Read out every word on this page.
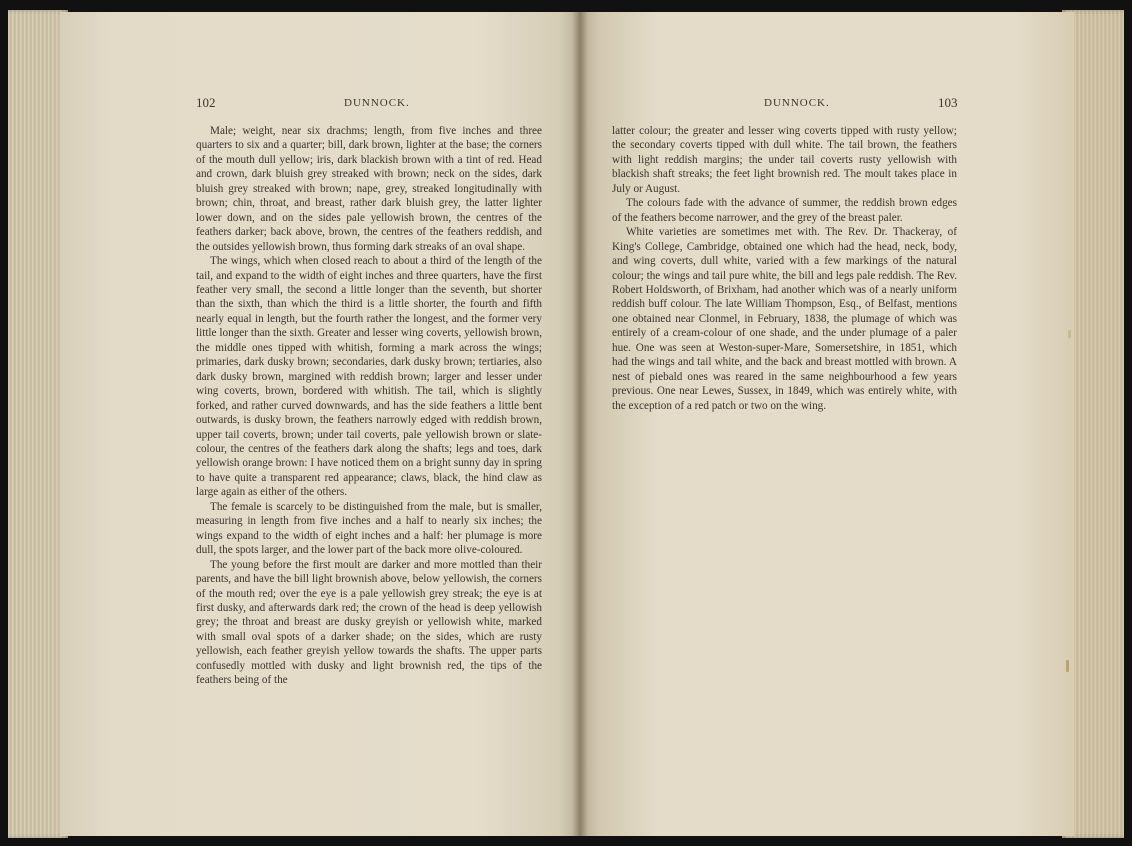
102	DUNNOCK.

Male; weight, near six drachms; length, from five inches and three quarters to six and a quarter; bill, dark brown, lighter at the base; the corners of the mouth dull yellow; iris, dark blackish brown with a tint of red. Head and crown, dark bluish grey streaked with brown; neck on the sides, dark bluish grey streaked with brown; nape, grey, streaked longitudinally with brown; chin, throat, and breast, rather dark bluish grey, the latter lighter lower down, and on the sides pale yellowish brown, the centres of the feathers darker; back above, brown, the centres of the feathers reddish, and the outsides yellowish brown, thus forming dark streaks of an oval shape.

The wings, which when closed reach to about a third of the length of the tail, and expand to the width of eight inches and three quarters, have the first feather very small, the second a little longer than the seventh, but shorter than the sixth, than which the third is a little shorter, the fourth and fifth nearly equal in length, but the fourth rather the longest, and the former very little longer than the sixth. Greater and lesser wing coverts, yellowish brown, the middle ones tipped with whitish, forming a mark across the wings; primaries, dark dusky brown; secondaries, dark dusky brown; tertiaries, also dark dusky brown, margined with reddish brown; larger and lesser under wing coverts, brown, bordered with whitish. The tail, which is slightly forked, and rather curved downwards, and has the side feathers a little bent outwards, is dusky brown, the feathers narrowly edged with reddish brown, upper tail coverts, brown; under tail coverts, pale yellowish brown or slate-colour, the centres of the feathers dark along the shafts; legs and toes, dark yellowish orange brown: I have noticed them on a bright sunny day in spring to have quite a transparent red appearance; claws, black, the hind claw as large again as either of the others.

The female is scarcely to be distinguished from the male, but is smaller, measuring in length from five inches and a half to nearly six inches; the wings expand to the width of eight inches and a half: her plumage is more dull, the spots larger, and the lower part of the back more olive-coloured.

The young before the first moult are darker and more mottled than their parents, and have the bill light brownish above, below yellowish, the corners of the mouth red; over the eye is a pale yellowish grey streak; the eye is at first dusky, and afterwards dark red; the crown of the head is deep yellowish grey; the throat and breast are dusky greyish or yellowish white, marked with small oval spots of a darker shade; on the sides, which are rusty yellowish, each feather greyish yellow towards the shafts. The upper parts confusedly mottled with dusky and light brownish red, the tips of the feathers being of the

DUNNOCK.	103

latter colour; the greater and lesser wing coverts tipped with rusty yellow; the secondary coverts tipped with dull white. The tail brown, the feathers with light reddish margins; the under tail coverts rusty yellowish with blackish shaft streaks; the feet light brownish red. The moult takes place in July or August.

The colours fade with the advance of summer, the reddish brown edges of the feathers become narrower, and the grey of the breast paler.

White varieties are sometimes met with. The Rev. Dr. Thackeray, of King's College, Cambridge, obtained one which had the head, neck, body, and wing coverts, dull white, varied with a few markings of the natural colour; the wings and tail pure white, the bill and legs pale reddish. The Rev. Robert Holdsworth, of Brixham, had another which was of a nearly uniform reddish buff colour. The late William Thompson, Esq., of Belfast, mentions one obtained near Clonmel, in February, 1838, the plumage of which was entirely of a cream-colour of one shade, and the under plumage of a paler hue. One was seen at Weston-super-Mare, Somersetshire, in 1851, which had the wings and tail white, and the back and breast mottled with brown. A nest of piebald ones was reared in the same neighbourhood a few years previous. One near Lewes, Sussex, in 1849, which was entirely white, with the exception of a red patch or two on the wing.
